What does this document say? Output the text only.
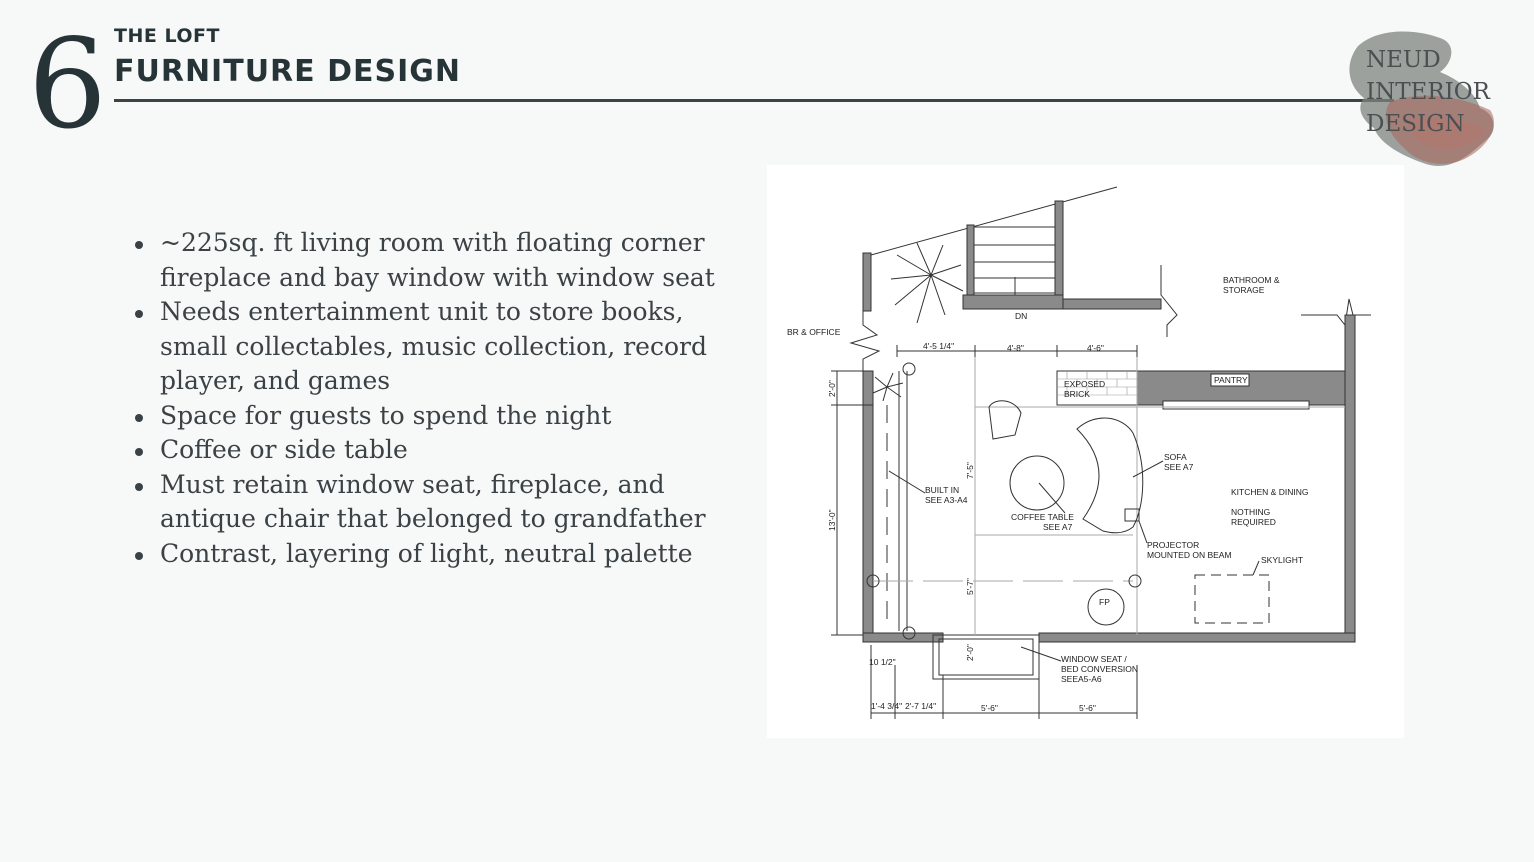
6 THE LOFT
FURNITURE DESIGN	NEUD
INTERIOR
DESIGN
~225sq. ft living room with floating corner fireplace and bay window with window seat
Needs entertainment unit to store books, small collectables, music collection, record player, and games
Space for guests to spend the night
Coffee or side table
Must retain window seat, fireplace, and antique chair that belonged to grandfather
Contrast, layering of light, neutral palette
BATHROOM &
STORAGE
BR & OFFICE
DN
EXPOSED
BRICK
PANTRY
SOFA
SEE A7
BUILT IN
SEE A3-A4
COFFEE TABLE
SEE A7
PROJECTOR
MOUNTED ON BEAM
KITCHEN & DINING
NOTHING
REQUIRED
SKYLIGHT
FP
WINDOW SEAT /
BED CONVERSION
SEEA5-A6
4'-5 1/4"	4'-8"	4'-6"
2'-0"
13'-0"
7'-5"
5'-7"
2'-0"
10 1/2"
1'-4 3/4" 2'-7 1/4"	5'-6"	5'-6"
